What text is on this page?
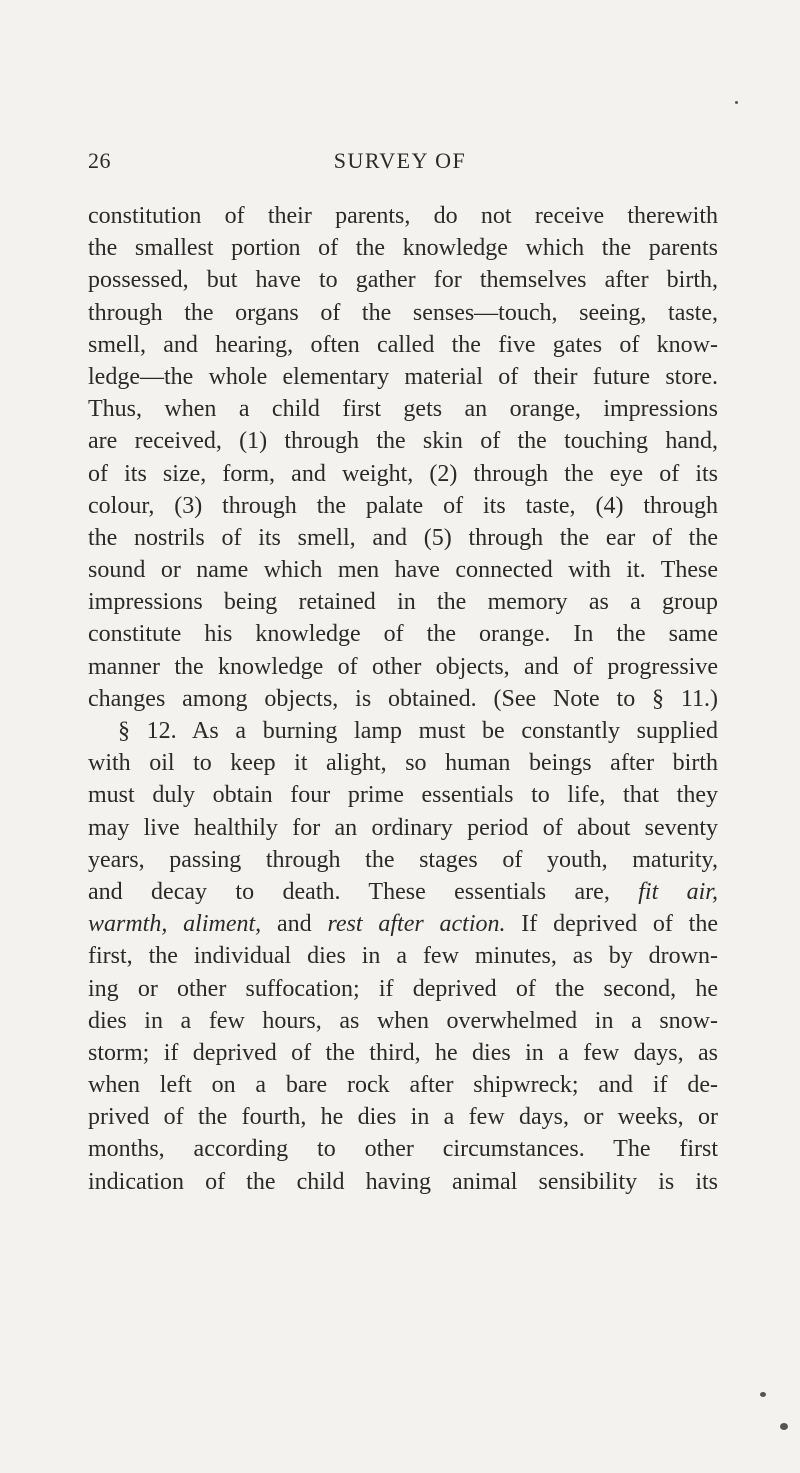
26	SURVEY OF
constitution of their parents, do not receive therewith
the smallest portion of the knowledge which the parents
possessed, but have to gather for themselves after birth,
through the organs of the senses—touch, seeing, taste,
smell, and hearing, often called the five gates of know-
ledge—the whole elementary material of their future store.
Thus, when a child first gets an orange, impressions
are received, (1) through the skin of the touching hand,
of its size, form, and weight, (2) through the eye of its
colour, (3) through the palate of its taste, (4) through
the nostrils of its smell, and (5) through the ear of the
sound or name which men have connected with it. These
impressions being retained in the memory as a group
constitute his knowledge of the orange. In the same
manner the knowledge of other objects, and of progressive
changes among objects, is obtained. (See Note to § 11.)
§ 12. As a burning lamp must be constantly supplied
with oil to keep it alight, so human beings after birth
must duly obtain four prime essentials to life, that they
may live healthily for an ordinary period of about seventy
years, passing through the stages of youth, maturity,
and decay to death. These essentials are, fit air,
warmth, aliment, and rest after action. If deprived of the
first, the individual dies in a few minutes, as by drown-
ing or other suffocation; if deprived of the second, he
dies in a few hours, as when overwhelmed in a snow-
storm; if deprived of the third, he dies in a few days, as
when left on a bare rock after shipwreck; and if de-
prived of the fourth, he dies in a few days, or weeks, or
months, according to other circumstances. The first
indication of the child having animal sensibility is its
